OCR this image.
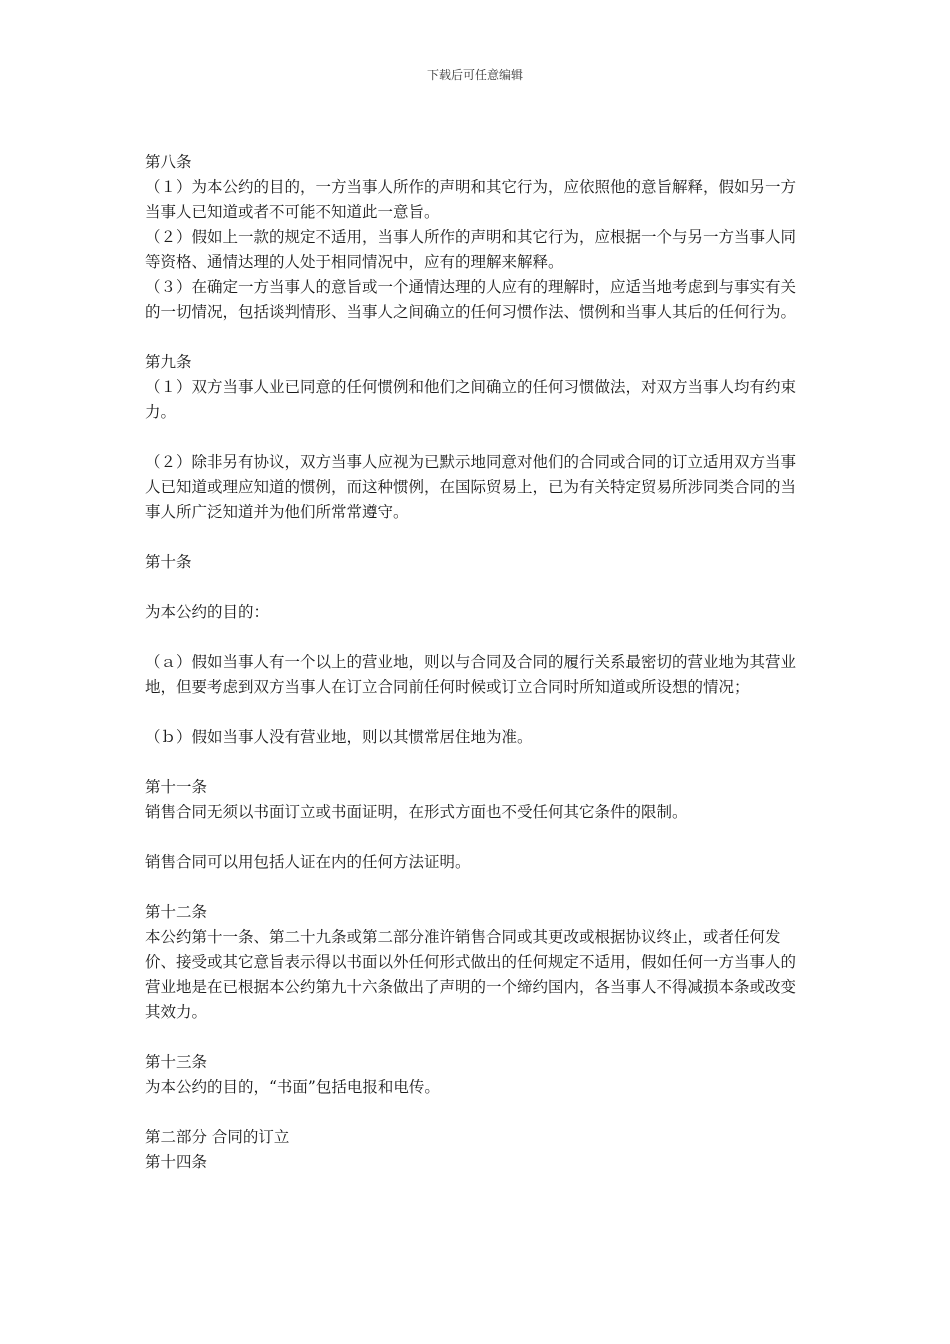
下载后可任意编辑

第八条

（１）为本公约的目的，一方当事人所作的声明和其它行为，应依照他的意旨解释，假如另一方当事人已知道或者不可能不知道此一意旨。

（２）假如上一款的规定不适用，当事人所作的声明和其它行为，应根据一个与另一方当事人同等资格、通情达理的人处于相同情况中，应有的理解来解释。

（３）在确定一方当事人的意旨或一个通情达理的人应有的理解时，应适当地考虑到与事实有关的一切情况，包括谈判情形、当事人之间确立的任何习惯作法、惯例和当事人其后的任何行为。

第九条

（１）双方当事人业已同意的任何惯例和他们之间确立的任何习惯做法，对双方当事人均有约束力。

（２）除非另有协议，双方当事人应视为已默示地同意对他们的合同或合同的订立适用双方当事人已知道或理应知道的惯例，而这种惯例，在国际贸易上，已为有关特定贸易所涉同类合同的当事人所广泛知道并为他们所常常遵守。

第十条

为本公约的目的：

（ａ）假如当事人有一个以上的营业地，则以与合同及合同的履行关系最密切的营业地为其营业地，但要考虑到双方当事人在订立合同前任何时候或订立合同时所知道或所设想的情况；

（ｂ）假如当事人没有营业地，则以其惯常居住地为准。

第十一条

销售合同无须以书面订立或书面证明，在形式方面也不受任何其它条件的限制。

销售合同可以用包括人证在内的任何方法证明。

第十二条

本公约第十一条、第二十九条或第二部分准许销售合同或其更改或根据协议终止，或者任何发价、接受或其它意旨表示得以书面以外任何形式做出的任何规定不适用，假如任何一方当事人的营业地是在已根据本公约第九十六条做出了声明的一个缔约国内，各当事人不得减损本条或改变其效力。

第十三条

为本公约的目的，“书面”包括电报和电传。

第二部分 合同的订立

第十四条
